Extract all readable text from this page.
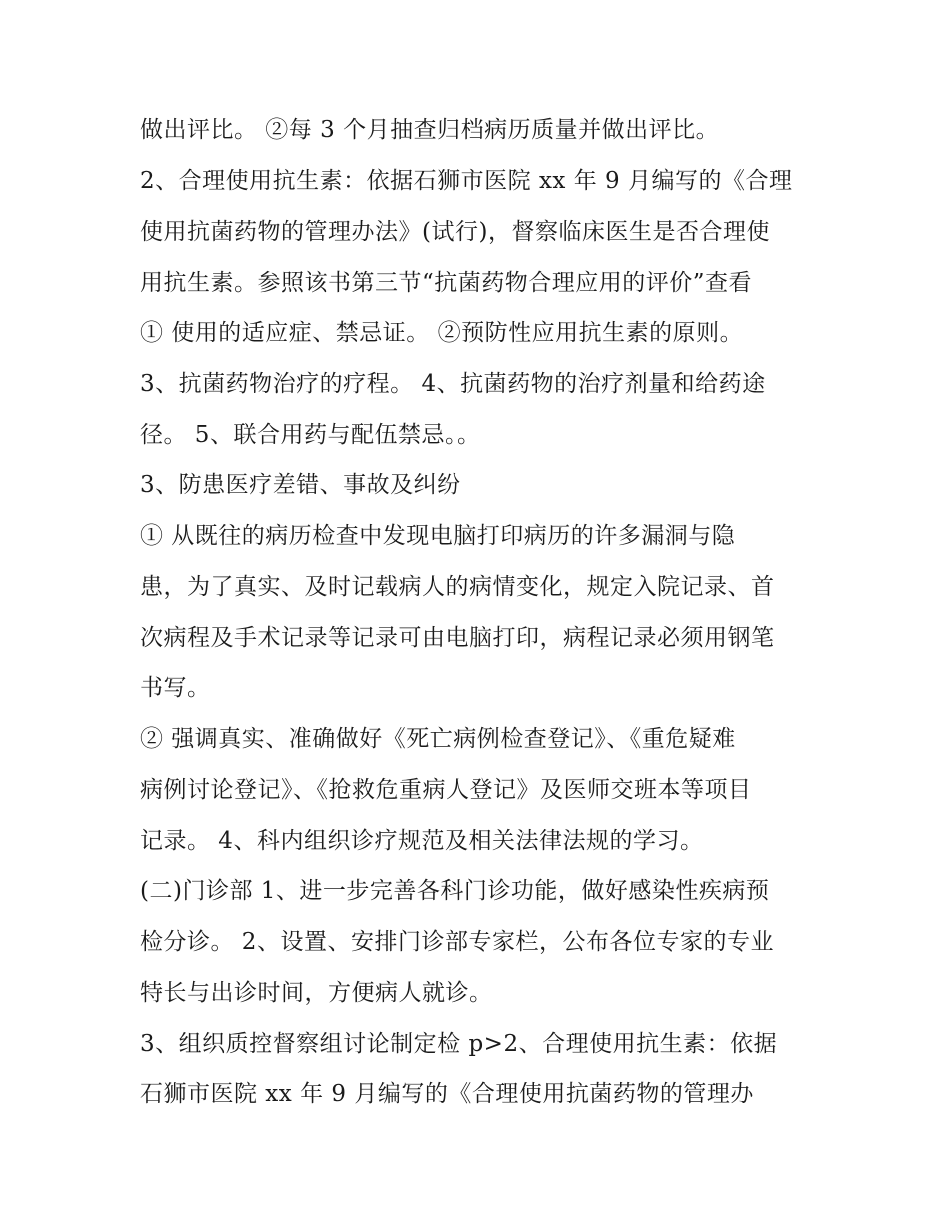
做出评比。 ②每 3 个月抽查归档病历质量并做出评比。
2、合理使用抗生素：依据石狮市医院 xx 年 9 月编写的《合理
使用抗菌药物的管理办法》(试行)，督察临床医生是否合理使
用抗生素。参照该书第三节“抗菌药物合理应用的评价”查看
① 使用的适应症、禁忌证。 ②预防性应用抗生素的原则。
3、抗菌药物治疗的疗程。 4、抗菌药物的治疗剂量和给药途
径。 5、联合用药与配伍禁忌。。
3、防患医疗差错、事故及纠纷
① 从既往的病历检查中发现电脑打印病历的许多漏洞与隐
患，为了真实、及时记载病人的病情变化，规定入院记录、首
次病程及手术记录等记录可由电脑打印，病程记录必须用钢笔
书写。
② 强调真实、准确做好《死亡病例检查登记》、《重危疑难
病例讨论登记》、《抢救危重病人登记》及医师交班本等项目
记录。 4、科内组织诊疗规范及相关法律法规的学习。
(二)门诊部 1、进一步完善各科门诊功能，做好感染性疾病预
检分诊。 2、设置、安排门诊部专家栏，公布各位专家的专业
特长与出诊时间，方便病人就诊。
3、组织质控督察组讨论制定检 p>2、合理使用抗生素：依据
石狮市医院 xx 年 9 月编写的《合理使用抗菌药物的管理办
